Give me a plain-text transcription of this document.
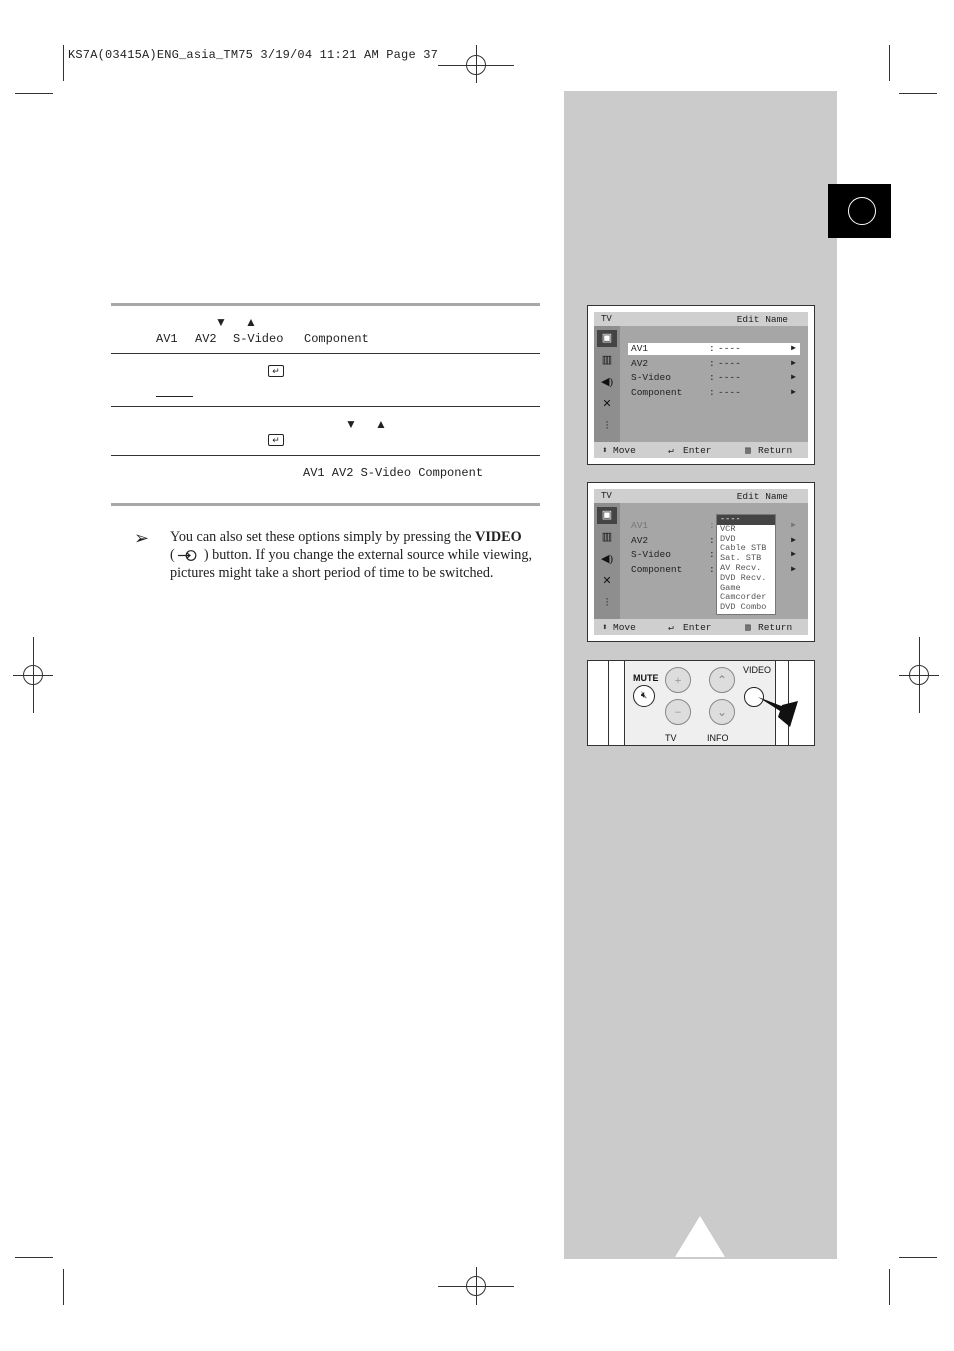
KS7A(03415A)ENG_asia_TM75 3/19/04 11:21 AM Page 37
▼ ▲
AV1 AV2 S-Video Component
↵
▼ ▲
↵
AV1 AV2 S-Video Component
➢ You can also set these options simply by pressing the VIDEO
( ) button. If you change the external source while viewing, pictures might take a short period of time to be switched.
TV	Edit Name
▣
▥
◀)
✕
⫶
AV1	: ----	▶
AV2	: ----	▶
S-Video	: ----	▶
Component	: ----	▶
⬍ Move	↵ Enter	▥ Return
TV	Edit Name
▣
▥
◀)
✕
⫶
AV1	:	▶
AV2	:	▶
S-Video	:	▶
Component	:	▶
----
VCR
DVD
Cable STB
Sat. STB
AV Recv.
DVD Recv.
Game
Camcorder
DVD Combo
⬍ Move	↵ Enter	▥ Return
MUTE
🔇︎
+
−
⌃
⌄
VIDEO
TV	INFO
